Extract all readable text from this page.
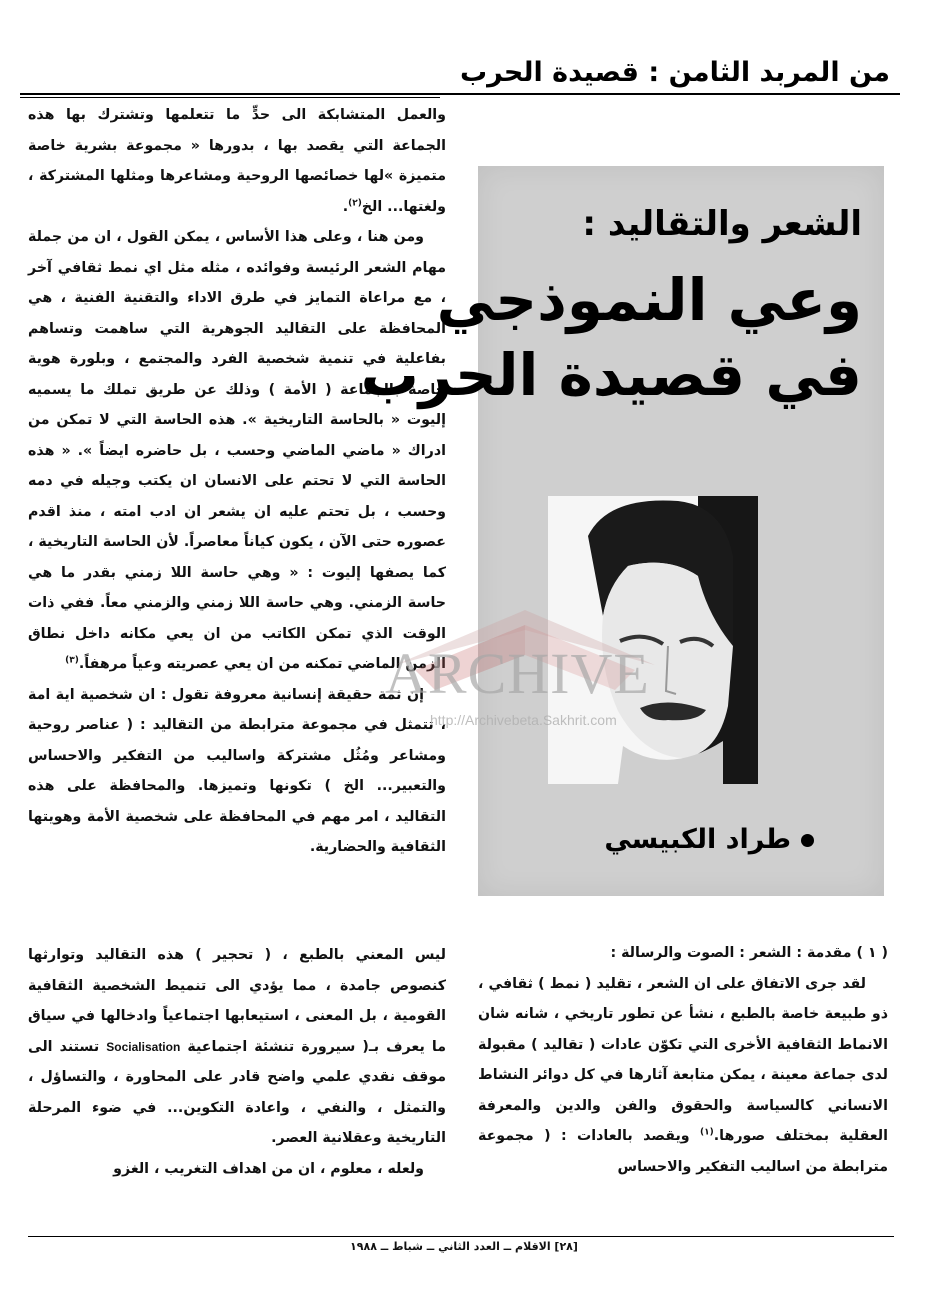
من المربد الثامن : قصيدة الحرب

والعمل المتشابكة الى حدٍّ ما تتعلمها وتشترك بها هذه الجماعة التي يقصد بها ، بدورها « مجموعة بشرية خاصة متميزة »لها خصائصها الروحية ومشاعرها ومثلها المشتركة ، ولغتها... الخ$^{(٢)}$.

ومن هنا ، وعلى هذا الأساس ، يمكن القول ، ان من جملة مهام الشعر الرئيسة وفوائده ، مثله مثل اي نمط ثقافي آخر ، مع مراعاة التمايز في طرق الاداء والتقنية الفنية ، هي المحافظة على التقاليد الجوهرية التي ساهمت وتساهم بفاعلية في تنمية شخصية الفرد والمجتمع ، وبلورة هوية خاصة بالجماعة ( الأمة ) وذلك عن طريق تملك ما يسميه إليوت « بالحاسة التاريخية ». هذه الحاسة التي لا تمكن من ادراك « ماضي الماضي وحسب ، بل حاضره ايضاً ». « هذه الحاسة التي لا تحتم على الانسان ان يكتب وجيله في دمه وحسب ، بل تحتم عليه ان يشعر ان ادب امته ، منذ اقدم عصوره حتى الآن ، يكون كياناً معاصراً. لأن الحاسة التاريخية ، كما يصفها إليوت : « وهي حاسة اللا زمني بقدر ما هي حاسة الزمني. وهي حاسة اللا زمني والزمني معاً. ففي ذات الوقت الذي تمكن الكاتب من ان يعي مكانه داخل نطاق الزمن الماضي تمكنه من ان يعي عصريته وعياً مرهفاً.$^{(٣)}$

إن ثمة حقيقة إنسانية معروفة تقول : ان شخصية اية امة ، تتمثل في مجموعة مترابطة من التقاليد : ( عناصر روحية ومشاعر ومُثُل مشتركة واساليب من التفكير والاحساس والتعبير... الخ ) تكونها وتميزها. والمحافظة على هذه التقاليد ، امر مهم في المحافظة على شخصية الأمة وهويتها الثقافية والحضارية.

ليس المعني بالطبع ، ( تحجير ) هذه التقاليد وتوارثها كنصوص جامدة ، مما يؤدي الى تنميط الشخصية الثقافية القومية ، بل المعنى ، استيعابها اجتماعياً وادخالها في سياق ما يعرف بـ( سيرورة تنشئة اجتماعية Socialisation تستند الى موقف نقدي علمي واضح قادر على المحاورة ، والتساؤل ، والتمثل ، والنفي ، واعادة التكوين... في ضوء المرحلة التاريخية وعقلانية العصر.

ولعله ، معلوم ، ان من اهداف التغريب ، الغزو

الشعر والتقاليد :
وعي النموذجي
في قصيدة الحرب
طراد الكبيسي

( ١ ) مقدمة : الشعر : الصوت والرسالة :

لقد جرى الاتفاق على ان الشعر ، تقليد ( نمط ) ثقافي ، ذو طبيعة خاصة بالطبع ، نشأ عن تطور تاريخي ، شانه شان الانماط الثقافية الأخرى التي تكوّن عادات ( تقاليد ) مقبولة لدى جماعة معينة ، يمكن متابعة آثارها في كل دوائر النشاط الانساني كالسياسة والحقوق والفن والدين والمعرفة العقلية بمختلف صورها.$^{(١)}$ ويقصد بالعادات : ( مجموعة مترابطة من اساليب التفكير والاحساس

ARCHIVE
http://Archivebeta.Sakhrit.com
[٢٨] الاقلام ــ العدد الثاني ــ شباط ــ ١٩٨٨
